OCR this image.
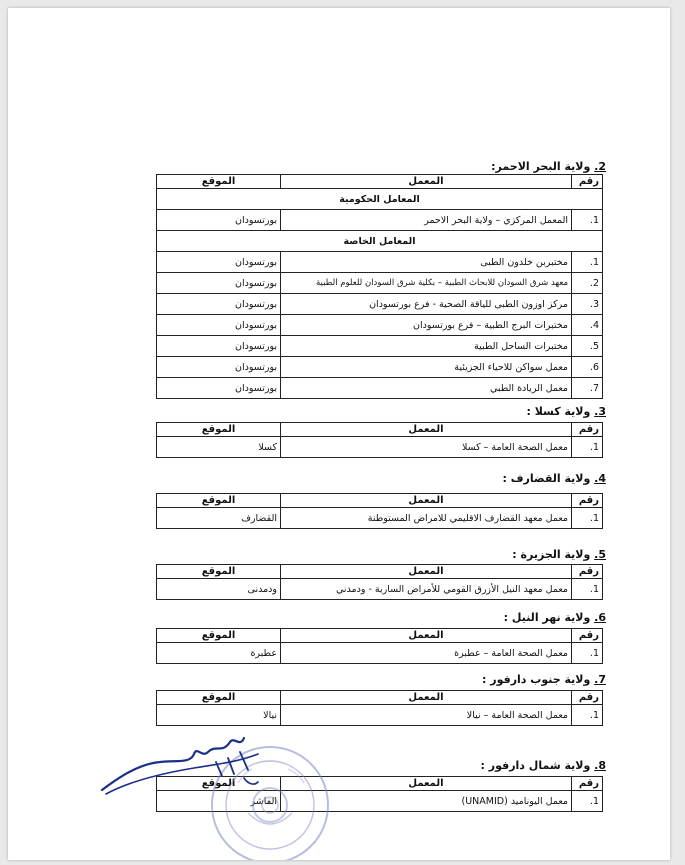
2. ولاية البحر الاحمر:
رقم	المعمل	الموقع
المعامل الحكومية		
1.	المعمل المركزي – ولاية البحر الاحمر	بورتسودان
المعامل الخاصة		
1.	مختبربن خلدون الطبى	بورتسودان
2.	معهد شرق السودان للابحاث الطبية – بكلية شرق السودان للعلوم الطبية	بورتسودان
3.	مركز اوزون الطبى للياقة الصحية - فرع بورتسودان	بورتسودان
4.	مختبرات البرج الطبية – فرع بورتسودان	بورتسودان
5.	مختبرات الساحل الطبية	بورتسودان
6.	معمل سواكن للاحياء الجزيئية	بورتسودان
7.	معمل الريادة الطبي	بورتسودان
3. ولاية كسلا :
رقم	المعمل	الموقع
1.	معمل الصحة العامة – كسلا	كسلا
4. ولاية القضارف :
رقم	المعمل	الموقع
1.	معمل معهد القضارف الاقليمي للامراض المستوطنة	القضارف
5. ولاية الجزيرة :
رقم	المعمل	الموقع
1.	معمل معهد النيل الأزرق القومي للأمراض السارية - ودمدني	ودمدنى
6. ولاية نهر النيل :
رقم	المعمل	الموقع
1.	معمل الصحة العامة – عطبرة	عطبرة
7. ولاية جنوب دارفور :
رقم	المعمل	الموقع
1.	معمل الصحة العامة – نيالا	نيالا
8. ولاية شمال دارفور :
رقم	المعمل	الموقع
1.	معمل اليوناميد (UNAMID)	الفاشر
